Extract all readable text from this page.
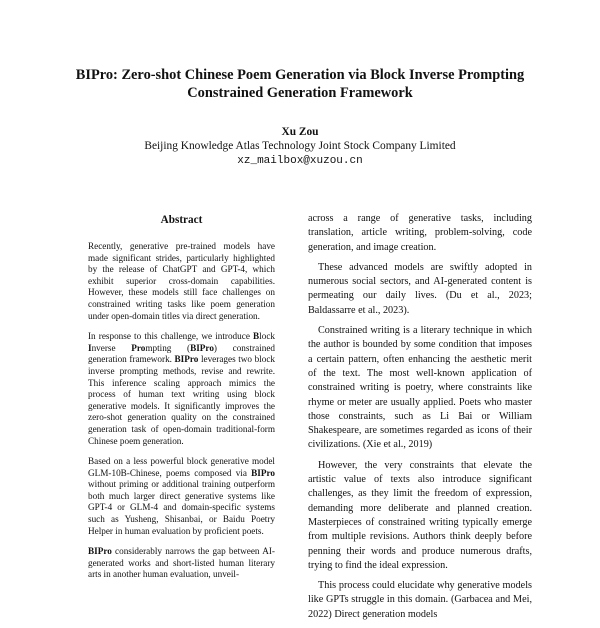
BIPro: Zero-shot Chinese Poem Generation via Block Inverse Prompting
Constrained Generation Framework
Xu Zou
Beijing Knowledge Atlas Technology Joint Stock Company Limited
xz_mailbox@xuzou.cn
Abstract

Recently, generative pre-trained models have made significant strides, particularly highlighted by the release of ChatGPT and GPT-4, which exhibit superior cross-domain capabilities. However, these models still face challenges on constrained writing tasks like poem generation under open-domain titles via direct generation.

In response to this challenge, we introduce Block Inverse Prompting (BIPro) constrained generation framework. BIPro leverages two block inverse prompting methods, revise and rewrite. This inference scaling approach mimics the process of human text writing using block generative models. It significantly improves the zero-shot generation quality on the constrained generation task of open-domain traditional-form Chinese poem generation.

Based on a less powerful block generative model GLM-10B-Chinese, poems composed via BIPro without priming or additional training outperform both much larger direct generative systems like GPT-4 or GLM-4 and domain-specific systems such as Yusheng, Shisanbai, or Baidu Poetry Helper in human evaluation by proficient poets.

BIPro considerably narrows the gap between AI-generated works and short-listed human literary arts in another human evaluation, unveil-

across a range of generative tasks, including translation, article writing, problem-solving, code generation, and image creation.

These advanced models are swiftly adopted in numerous social sectors, and AI-generated content is permeating our daily lives. (Du et al., 2023; Baldassarre et al., 2023).

Constrained writing is a literary technique in which the author is bounded by some condition that imposes a certain pattern, often enhancing the aesthetic merit of the text. The most well-known application of constrained writing is poetry, where constraints like rhyme or meter are usually applied. Poets who master those constraints, such as Li Bai or William Shakespeare, are sometimes regarded as icons of their civilizations. (Xie et al., 2019)

However, the very constraints that elevate the artistic value of texts also introduce significant challenges, as they limit the freedom of expression, demanding more deliberate and planned creation. Masterpieces of constrained writing typically emerge from multiple revisions. Authors think deeply before penning their words and produce numerous drafts, trying to find the ideal expression.

This process could elucidate why generative models like GPTs struggle in this domain. (Garbacea and Mei, 2022) Direct generation models
